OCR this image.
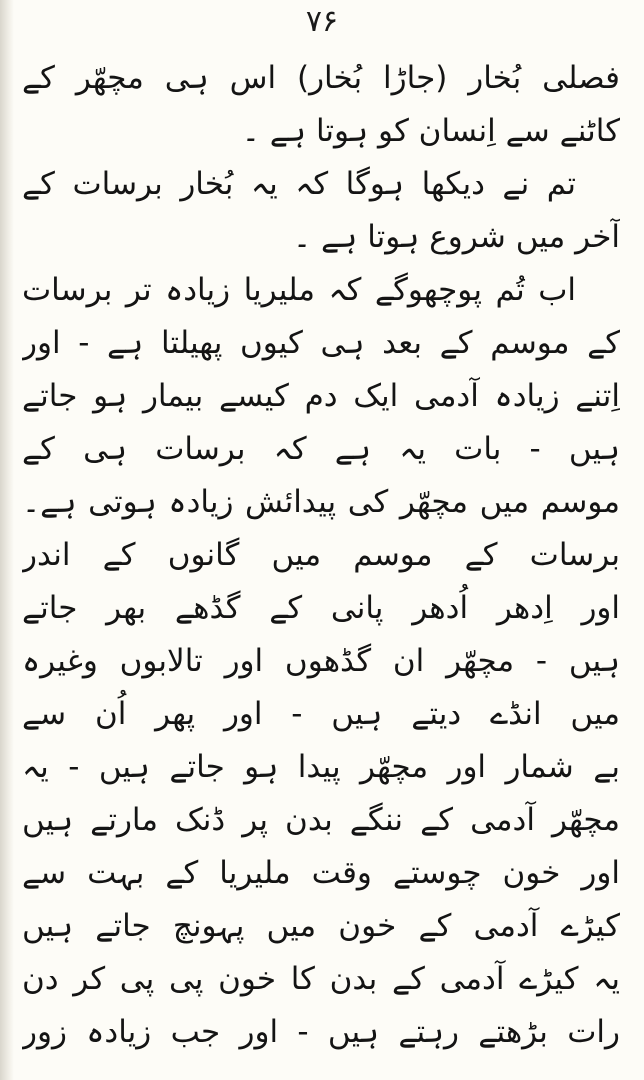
۷۶
فصلی بُخار (جاڑا بُخار) اس ہی مچھّر کے
کاٹنے سے اِنسان کو ہوتا ہے ۔
تم نے دیکھا ہوگا کہ یہ بُخار برسات کے
آخر میں شروع ہوتا ہے ۔
اب تُم پوچھوگے کہ ملیریا زیادہ تر برسات
کے موسم کے بعد ہی کیوں پھیلتا ہے - اور
اِتنے زیادہ آدمی ایک دم کیسے بیمار ہو جاتے
ہیں - بات یہ ہے کہ برسات ہی کے
موسم میں مچھّر کی پیدائش زیادہ ہوتی ہے۔
برسات کے موسم میں گانوں کے اندر
اور اِدھر اُدھر پانی کے گڈھے بھر جاتے
ہیں - مچھّر ان گڈھوں اور تالابوں وغیرہ
میں انڈے دیتے ہیں - اور پھر اُن سے
بے شمار اور مچھّر پیدا ہو جاتے ہیں - یہ
مچھّر آدمی کے ننگے بدن پر ڈنک مارتے ہیں
اور خون چوستے وقت ملیریا کے بہت سے
کیڑے آدمی کے خون میں پہونچ جاتے ہیں
یہ کیڑے آدمی کے بدن کا خون پی پی کر دن
رات بڑھتے رہتے ہیں - اور جب زیادہ زور
